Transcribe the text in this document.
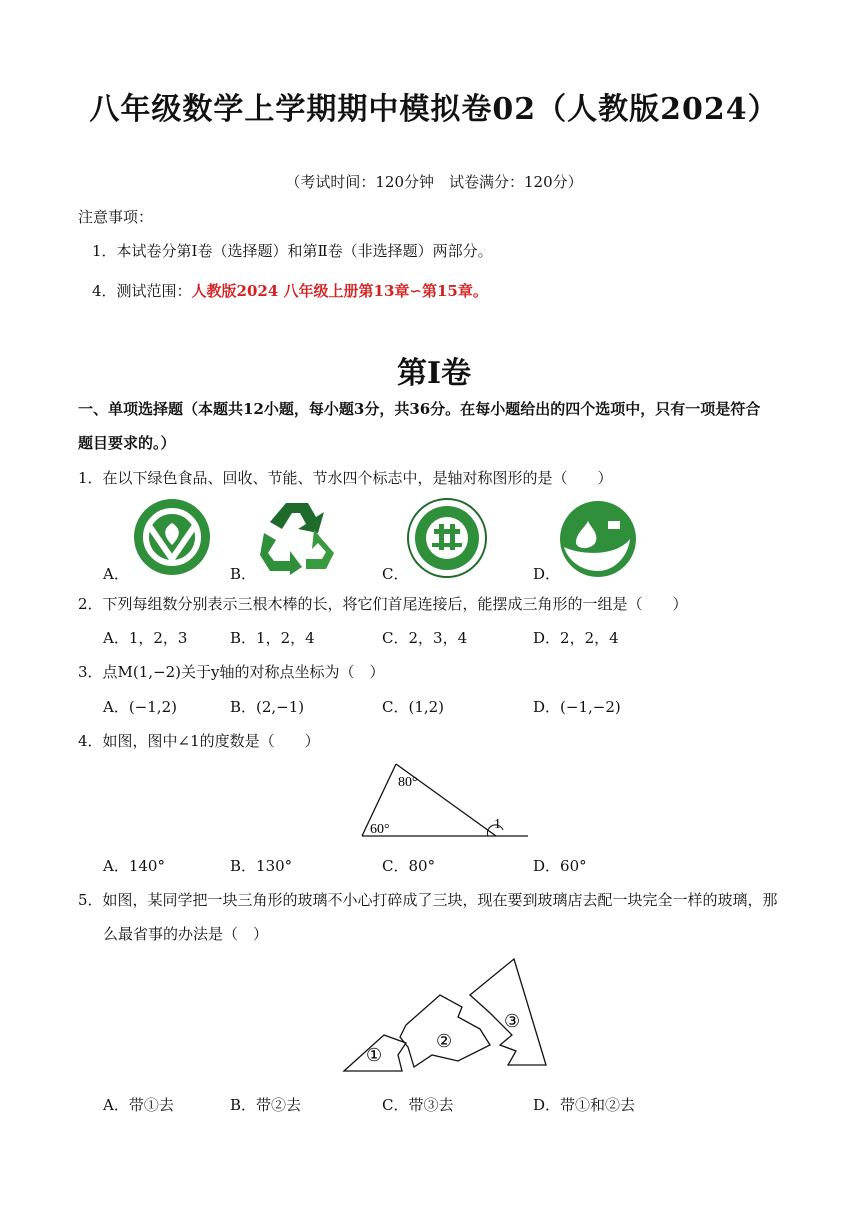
八年级数学上学期期中模拟卷02（人教版2024）
（考试时间：120分钟　试卷满分：120分）
注意事项：
1．本试卷分第Ⅰ卷（选择题）和第Ⅱ卷（非选择题）两部分。
4．测试范围：人教版2024 八年级上册第13章∽第15章。
第Ⅰ卷
一、单项选择题（本题共12小题，每小题3分，共36分。在每小题给出的四个选项中，只有一项是符合
题目要求的。）
1．在以下绿色食品、回收、节能、节水四个标志中，是轴对称图形的是（　　）
A．	B．	C．	D．
2．下列每组数分别表示三根木棒的长，将它们首尾连接后，能摆成三角形的一组是（　　）
A．1，2，3	B．1，2，4	C．2，3，4	D．2，2，4
3．点M(1,−2)关于y轴的对称点坐标为（　）
A．(−1,2)	B．(2,−1)	C．(1,2)	D．(−1,−2)
4．如图，图中∠1的度数是（　　）
80°
60°	1
A．140°	B．130°	C．80°	D．60°
5．如图，某同学把一块三角形的玻璃不小心打碎成了三块，现在要到玻璃店去配一块完全一样的玻璃，那
么最省事的办法是（　）
①
②
③
A．带①去	B．带②去	C．带③去	D．带①和②去
